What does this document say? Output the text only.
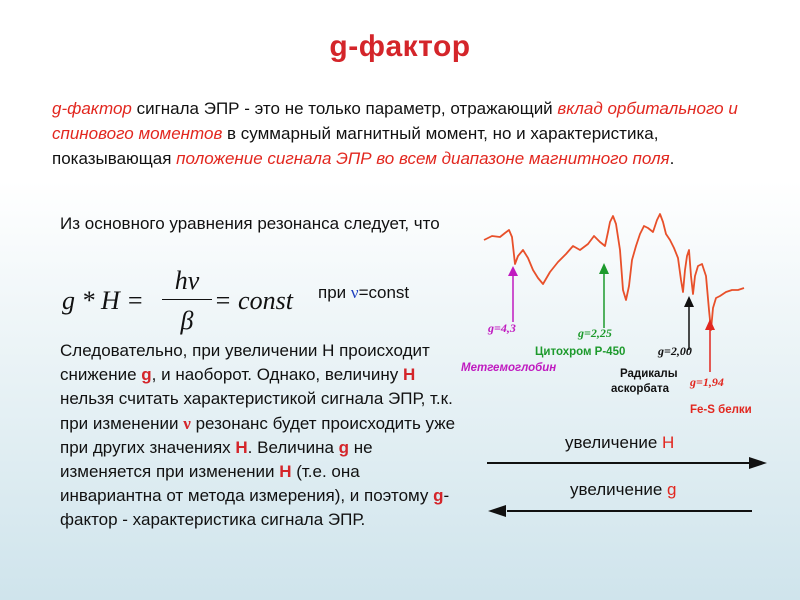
g-фактор
g-фактор сигнала ЭПР - это не только параметр, отражающий вклад орбитального и спинового моментов в суммарный магнитный момент, но и характеристика, показывающая положение сигнала ЭПР во всем диапазоне магнитного поля.
Из основного уравнения резонанса следует, что
g * H =
hν
β
= const при ν=const
Следовательно, при увеличении Н происходит снижение g, и наоборот. Однако, величину Н нельзя считать характеристикой сигнала ЭПР, т.к. при изменении ν резонанс будет происходить уже при других значениях Н. Величина g не изменяется при изменении Н (т.е. она инвариантна от метода измерения), и поэтому g-фактор - характеристика сигнала ЭПР.
g=4,3	g=2,25
g=2,00
g=1,94
Метгемоглобин
Цитохром Р-450
Радикалы
аскорбата
Fe-S белки
увеличение Н
увеличение g
